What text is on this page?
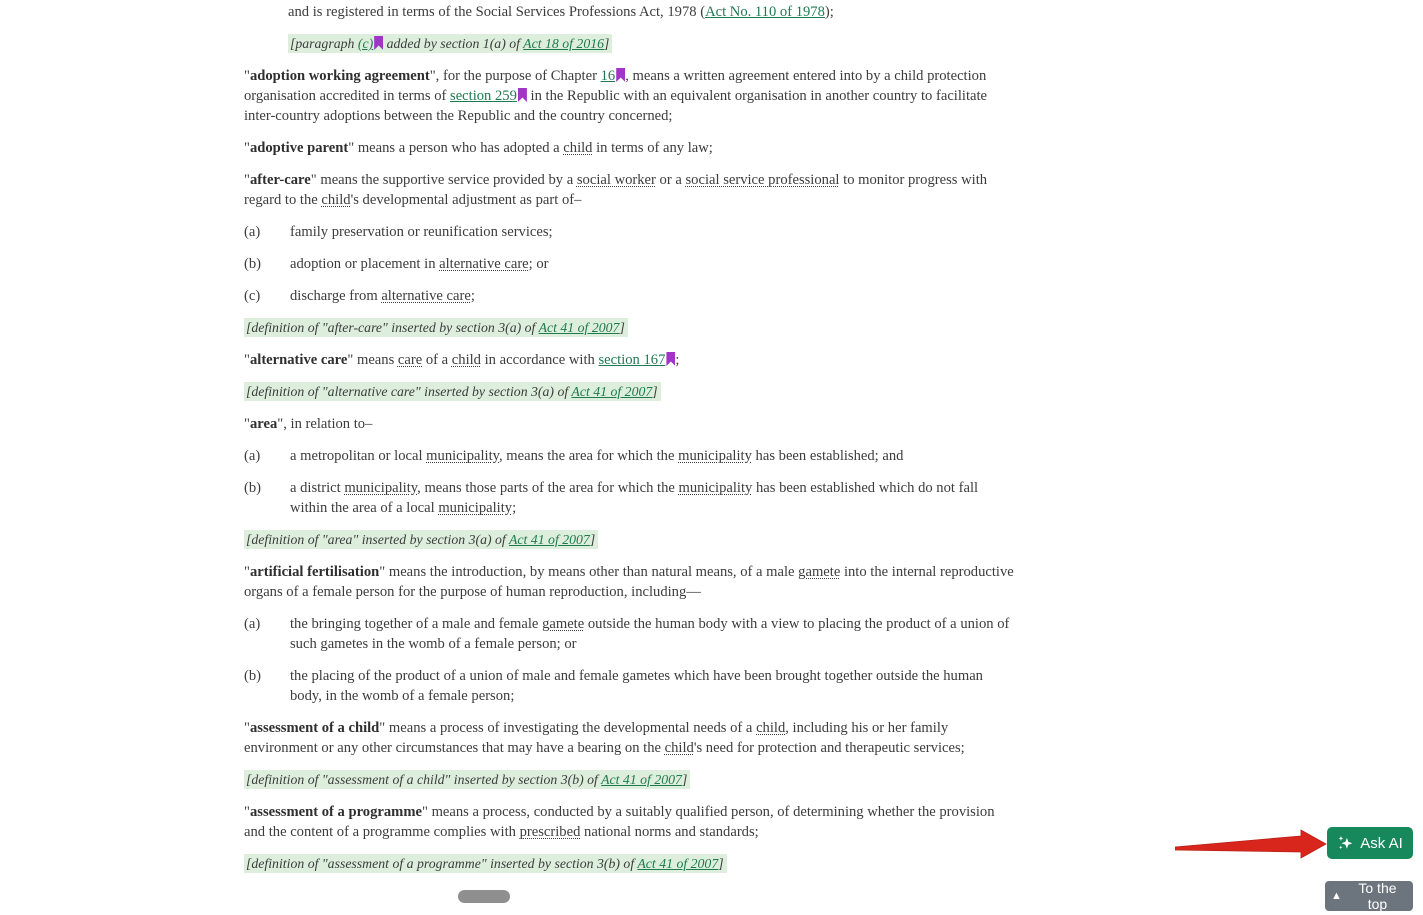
and is registered in terms of the Social Services Professions Act, 1978 (Act No. 110 of 1978);

[paragraph (c) added by section 1(a) of Act 18 of 2016]

"adoption working agreement", for the purpose of Chapter 16 , means a written agreement entered into by a child protection organisation accredited in terms of section 259 in the Republic with an equivalent organisation in another country to facilitate inter-country adoptions between the Republic and the country concerned;

"adoptive parent" means a person who has adopted a child in terms of any law;

"after-care" means the supportive service provided by a social worker or a social service professional to monitor progress with regard to the child's developmental adjustment as part of–

(a)	family preservation or reunification services;
(b)	adoption or placement in alternative care; or
(c)	discharge from alternative care;

[definition of "after-care" inserted by section 3(a) of Act 41 of 2007]

"alternative care" means care of a child in accordance with section 167 ;

[definition of "alternative care" inserted by section 3(a) of Act 41 of 2007]

"area", in relation to–

(a)	a metropolitan or local municipality, means the area for which the municipality has been established; and
(b)	a district municipality, means those parts of the area for which the municipality has been established which do not fall within the area of a local municipality;

[definition of "area" inserted by section 3(a) of Act 41 of 2007]

"artificial fertilisation" means the introduction, by means other than natural means, of a male gamete into the internal reproductive organs of a female person for the purpose of human reproduction, including—

(a)	the bringing together of a male and female gamete outside the human body with a view to placing the product of a union of such gametes in the womb of a female person; or
(b)	the placing of the product of a union of male and female gametes which have been brought together outside the human body, in the womb of a female person;

"assessment of a child" means a process of investigating the developmental needs of a child, including his or her family environment or any other circumstances that may have a bearing on the child's need for protection and therapeutic services;

[definition of "assessment of a child" inserted by section 3(b) of Act 41 of 2007]

"assessment of a programme" means a process, conducted by a suitably qualified person, of determining whether the provision and the content of a programme complies with prescribed national norms and standards;

[definition of "assessment of a programme" inserted by section 3(b) of Act 41 of 2007]

Ask AI
▲	To the top
